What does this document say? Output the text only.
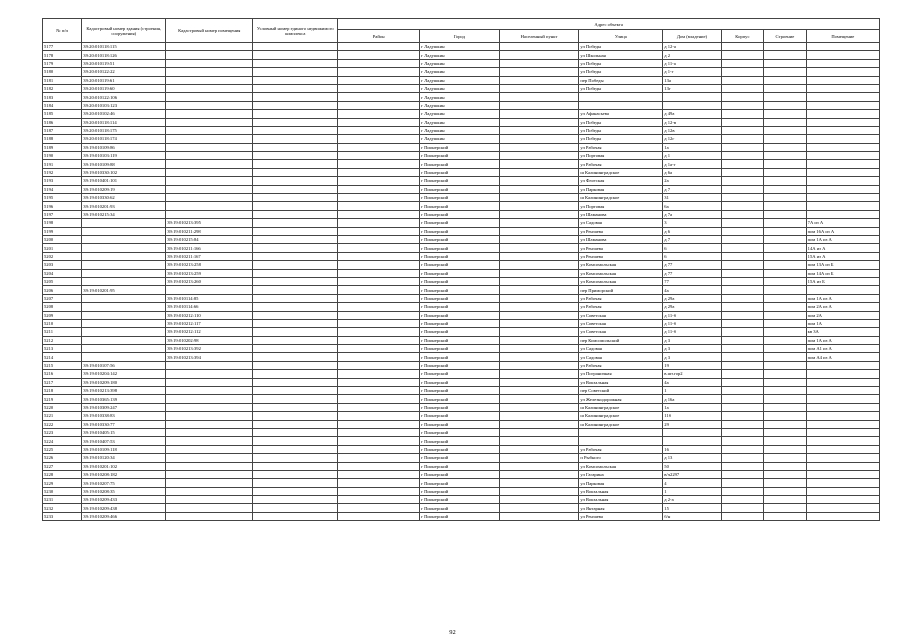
№ п/п	Кадастровый номер здания (строения, сооружения)	Кадастровый номер помещения	Условный номер единого недвижимого комплекса	Адрес объекта							
				Район	Город	Населенный пункт	Улица	Дом (владение)	Корпус	Строение	Помещение
5177	39:20:010118:115				г Ладушкин		ул Победы	д 12-а			
5178	39:20:010118:126				г Ладушкин		ул Школьная	д 2			
5179	39:20:010119:51				г Ладушкин		ул Победы	д 11-а			
5180	39:20:010122:22				г Ладушкин		ул Победы	д 1-г			
5181	39:20:010119:61				г Ладушкин		пер Победы	13а			
5182	39:20:010119:60				г Ладушкин		ул Победы	13г			
5183	39:20:010122:106				г Ладушкин						
5184	39:20:010103:123				г Ладушкин						
5185	39:20:010102:46				г Ладушкин		ул Афанасьева	д 49а			
5186	39:20:010118:114				г Ладушкин		ул Победы	д 12-в			
5187	39:20:010118:175				г Ладушкин		ул Победы	д 12в			
5188	39:20:010118:174				г Ладушкин		ул Победы	д 12г			
5189	39:19:010109:86				г Пионерский		ул Рабочая	1а			
5190	39:19:010103:119				г Пионерский		ул Портовая	д 1			
5191	39:19:010109:88				г Пионерский		ул Рабочая	д 1а-г			
5192	39:19:010330:102				г Пионерский		ш Калининградское	д 6а			
5193	39:19:010401:101				г Пионерский		ул Флотская	2а			
5194	39:19:010209:19				г Пионерский		ул Парковая	д 7			
5195	39:19:010330:62				г Пионерский		ш Калининградское	31			
5196	39:19:010201:93				г Пионерский		ул Портовая	6а			
5197	39:19:010215:34				г Пионерский		ул Шаманова	д 7а			
5198		39:19:010213:395			г Пионерский		ул Садовая	3			7А из А
5199		39:19:010211:298			г Пионерский		ул Рензаева	д 6			пом 16А из А
5200		39:19:010215:84			г Пионерский		ул Шаманова	д 7			пом 1А из А
5201		39:19:010211:166			г Пионерский		ул Рензаева	6			14А из А
5202		39:19:010211:167			г Пионерский		ул Рензаева	6			15А из А
5203		39:19:010213:258			г Пионерский		ул Комсомольская	д 77			пом 13А из Б
5204		39:19:010213:259			г Пионерский		ул Комсомольская	д 77			пом 14А из Б
5205		39:19:010213:260			г Пионерский		ул Комсомольская	77			15А из Б
5206	39:19:010201:95				г Пионерский		пер Приморский	4а			
5207		39:19:010114:85			г Пионерский		ул Рабочая	д 29а			пом 1А из А
5208		39:19:010114:66			г Пионерский		ул Рабочая	д 29а			пом 2А из А
5209		39:19:010212:110			г Пионерский		ул Советская	д 11-б			пом 2А
5210		39:19:010212:117			г Пионерский		ул Советская	д 11-б			пом 1А
5211		39:19:010212:112			г Пионерский		ул Советская	д 11-б			кв 3А
5212		39:19:010202:98			г Пионерский		пер Комсомольский	д 3			пом 1А из А
5213		39:19:010213:392			г Пионерский		ул Садовая	д 3			пом А1 из А
5214		39:19:010213:394			г Пионерский		ул Садовая	д 3			пом А4 из А
5215	39:19:010107:56				г Пионерский		ул Рабочая	19			
5216	39:19:010204:142				г Пионерский		ул Пограничная	в.шт.гор2			
5217	39:19:010209:180				г Пионерский		ул Вокзальная	4а			
5218	39:19:010213:398				г Пионерский		пер Советский	1			
5219	39:19:010365:139				г Пионерский		ул Железнодорожная	д 16а			
5220	39:19:010309:247				г Пионерский		ш Калининградское	1а			
5221	39:19:010338:83				г Пионерский		ш Калининградское	11б			
5222	39:19:010330:77				г Пионерский		ш Калининградское	29			
5223	39:19:010405:15				г Пионерский						
5224	39:19:010407:53				г Пионерский						
5225	39:19:010109:118				г Пионерский		ул Рабочая	16			
5226	39:19:010120:34				г Пионерский		п Рыбного	д 13			
5227	39:19:010201:102				г Пионерский		ул Комсомольская	50			
5228	39:19:010208:182				г Пионерский		ул Гагарина	в/ч2297			
5229	39:19:010207:75				г Пионерский		ул Парковая	4			
5230	39:19:010208:35				г Пионерский		ул Вокзальная	1			
5231	39:19:010209:433				г Пионерский		ул Вокзальная	д 2-а			
5232	39:19:010209:438				г Пионерский		ул Янтарная	15			
5233	39:19:010209:466				г Пионерский		ул Рензаева	б/н			
92
